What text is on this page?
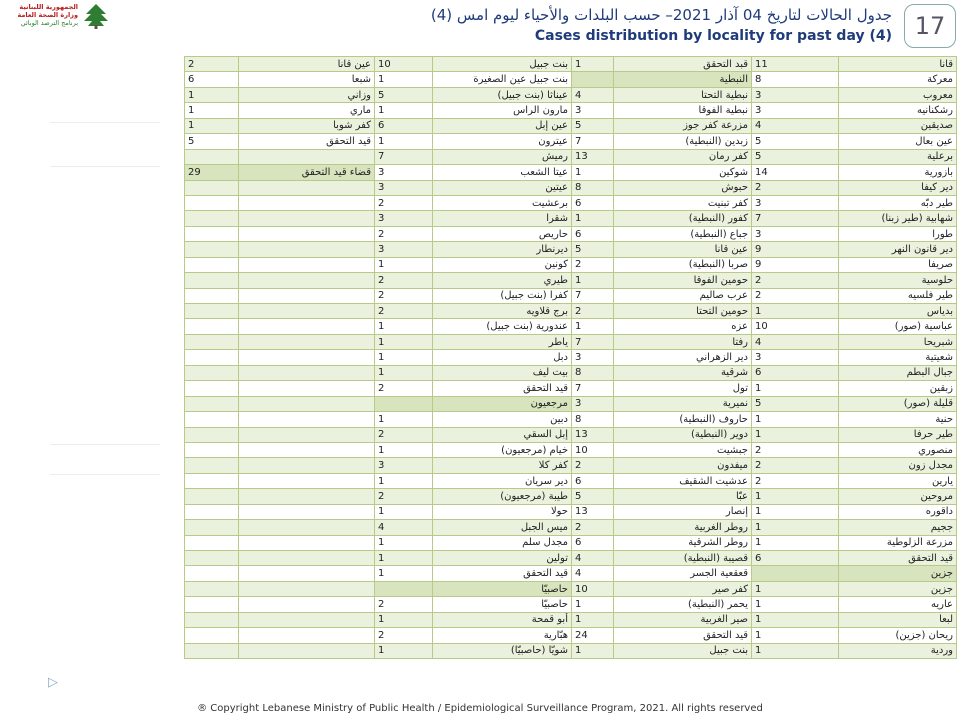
الجمهورية اللبنانية
وزارة الصحة العامة
برنامج الترصد الوبائي	جدول الحالات لتاريخ 04 آذار 2021– حسب البلدات والأحياء ليوم امس (4)
Cases distribution by locality for past day (4) 17
▷
2	عين قانا	10	بنت جبيل	1	قبد التحقق	11	قانا
6	شبعا	1	بنت جبيل عين الصغيرة		النبطية	8	معركة
1	وزاني	5	عيناثا (بنت جبيل)	4	نبطية التحتا	3	معروب
1	ماري	1	مارون الراس	3	نبطية الفوقا	3	رشكنانيه
1	كفر شوبا	6	عين إبل	5	مزرعة كفر جوز	4	صديقين
5	قيد التحقق	1	عيترون	7	زبدين (النبطية)	5	عين بعال
		7	رميش	13	كفر رمان	5	برعلية
29	قضاء قيد التحقق	3	عيتا الشعب	1	شوكين	14	بازورية
		3	عيتين	8	حبوش	2	دير كيفا
		2	برعشيت	6	كفر تبنيت	3	طير دبّه
		3	شقرا	1	كفور (النبطية)	7	شهابية (طير زبنا)
		2	حاريص	6	جباع (النبطية)	3	طورا
		3	ديرنطار	5	عين قانا	9	دير قانون النهر
		1	كونين	2	صربا (النبطية)	9	صريفا
		2	طيري	1	حومين الفوقا	2	حلوسية
		2	كفرا (بنت جبيل)	7	عرب صاليم	2	طير فلسيه
		2	برج قلاويه	2	حومين التحتا	1	بدياس
		1	عندورية (بنت جبيل)	1	عزه	10	عباسية (صور)
		1	ياطر	7	رفتا	4	شبريحا
		1	دبل	3	دير الزهراني	3	شعيتية
		1	بيت ليف	8	شرقية	6	جبال البطم
		2	قيد التحقق	7	تول	1	زبقين
			مرجعيون	3	نميرية	5	قليلة (صور)
		1	دبين	8	حاروف (النبطية)	1	حنية
		2	إبل السقي	13	دوير (النبطية)	1	طير حرفا
		1	خيام (مرجعيون)	10	جبشيت	2	منصوري
		3	كفر كلا	2	ميفدون	2	مجدل زون
		1	دير سريان	6	عدشيت الشقيف	2	يارين
		2	طيبة (مرجعيون)	5	عبّا	1	مروحين
		1	حولا	13	إنصار	1	داقوره
		4	ميس الجبل	2	روطر الغربية	1	ججيم
		1	مجدل سلم	6	روطر الشرقية	1	مزرعة الزلوطية
		1	تولين	4	قصيبة (النبطية)	6	قيد التحقق
		1	قيد التحقق	4	قعقعية الجسر		جزين
			حاصبيّا	10	كفر صير	1	جزين
		2	حاصبيّا	1	يحمر (النبطية)	1	عاريه
		1	أبو قمحة	1	صير الغربية	1	لبعا
		2	هبّارية	24	قيد التحقق	1	ريحان (جزين)
		1	شويّا (حاصبيّا)	1	بنت جبيل	1	وردية
® Copyright Lebanese Ministry of Public Health / Epidemiological Surveillance Program, 2021. All rights reserved
